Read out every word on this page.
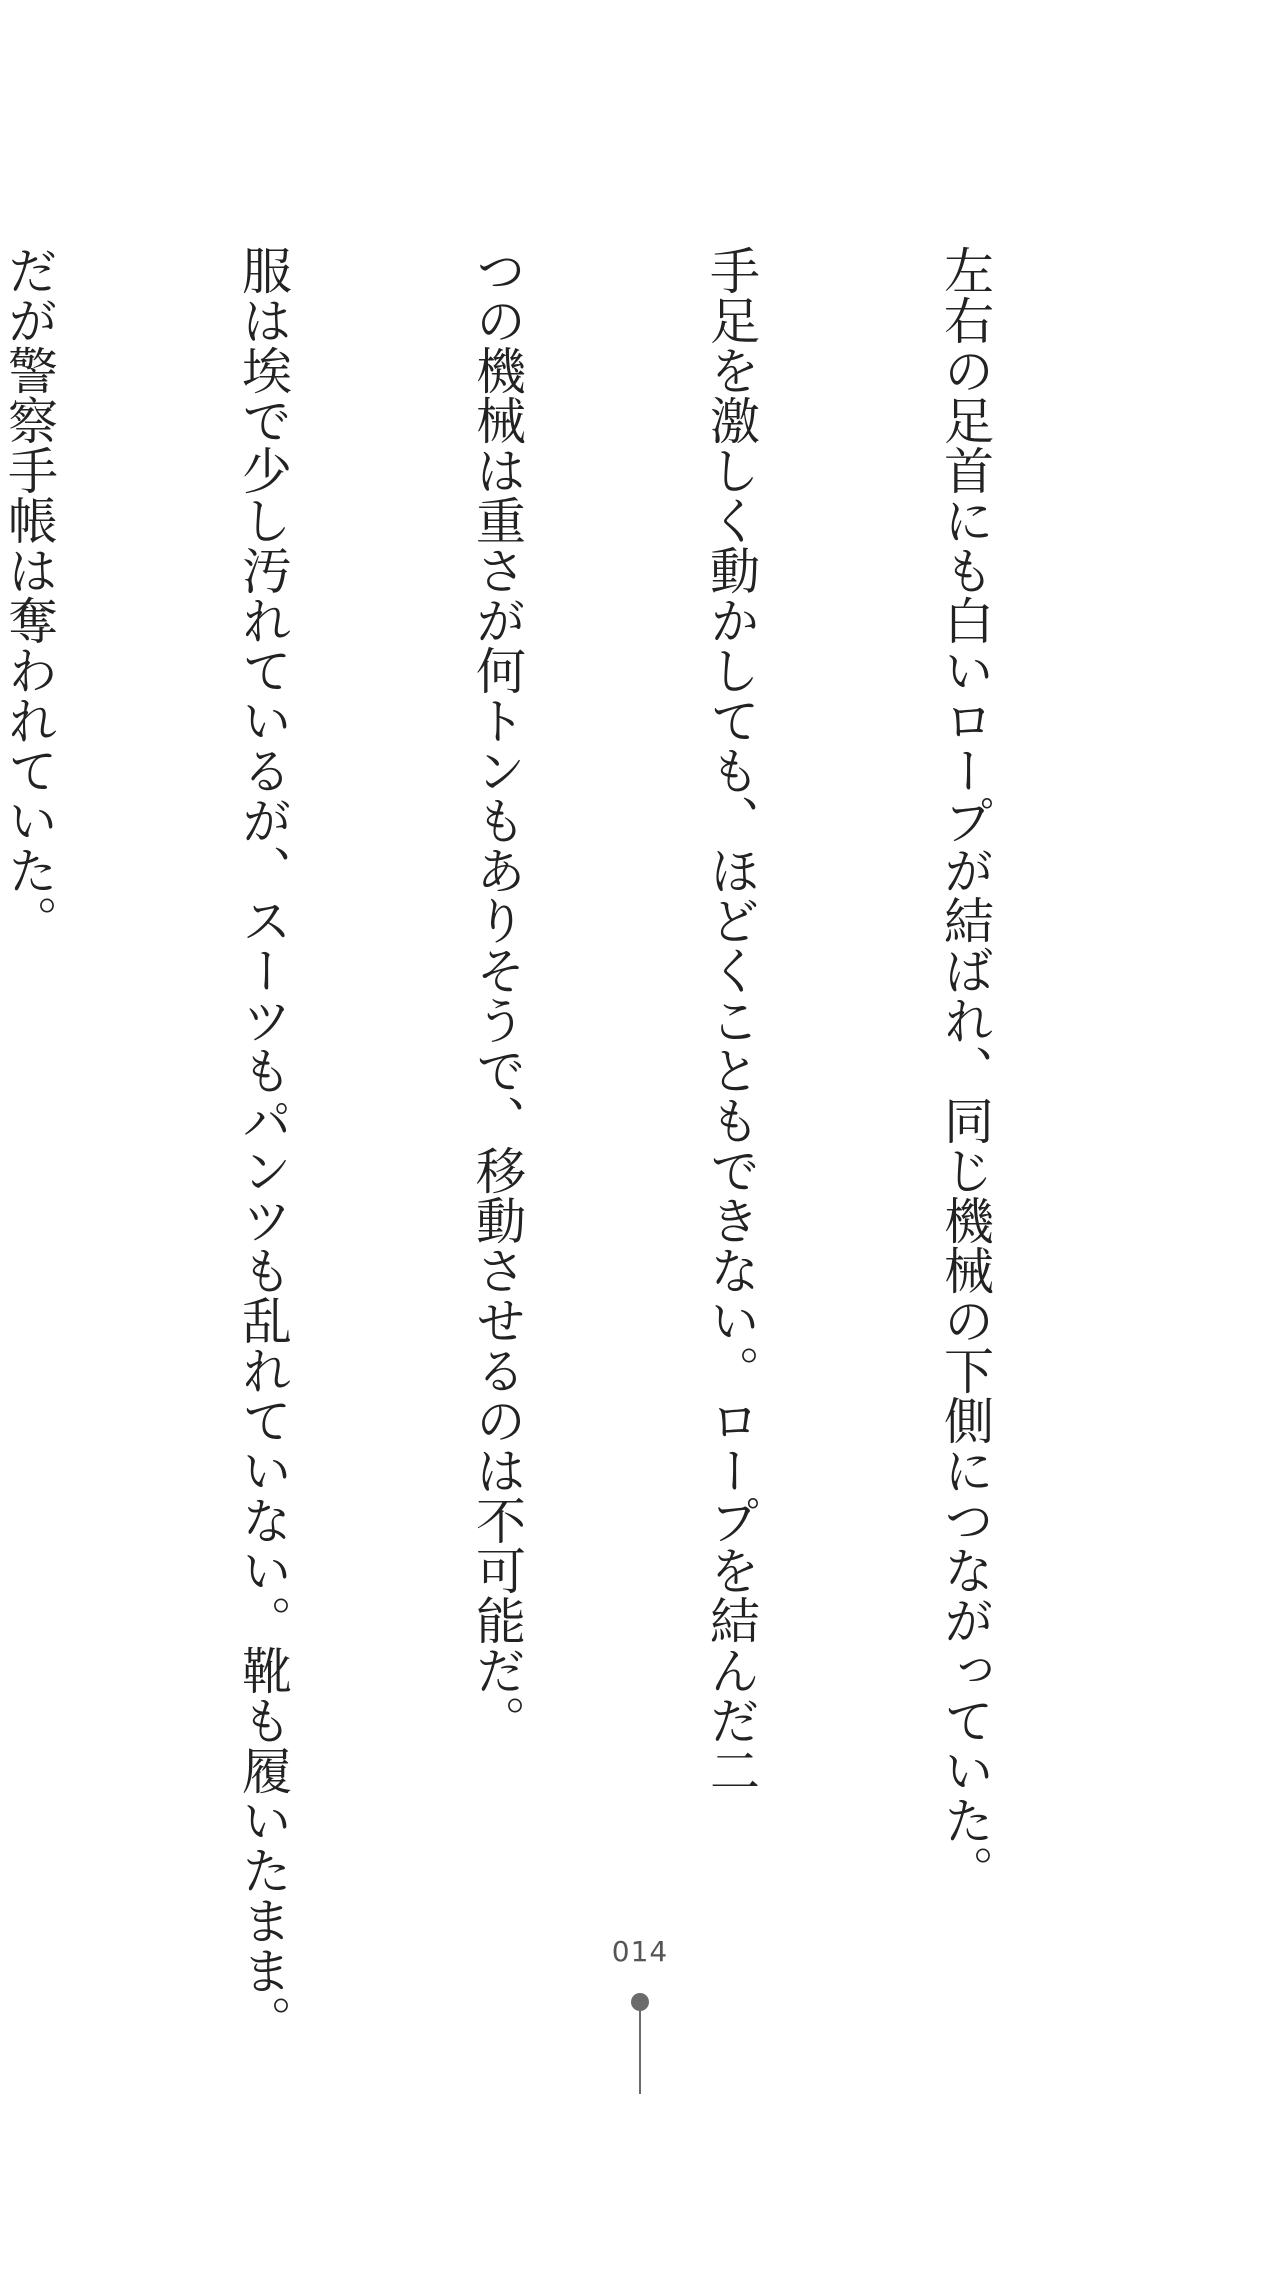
左右の足首にも白いロープが結ばれ、同じ機械の下側につながっていた。

手足を激しく動かしても、ほどくこともできない。ロープを結んだ二

つの機械は重さが何トンもありそうで、移動させるのは不可能だ。

服は埃で少し汚れているが、スーツもパンツも乱れていない。靴も履いたまま。

だが警察手帳は奪われていた。

014
